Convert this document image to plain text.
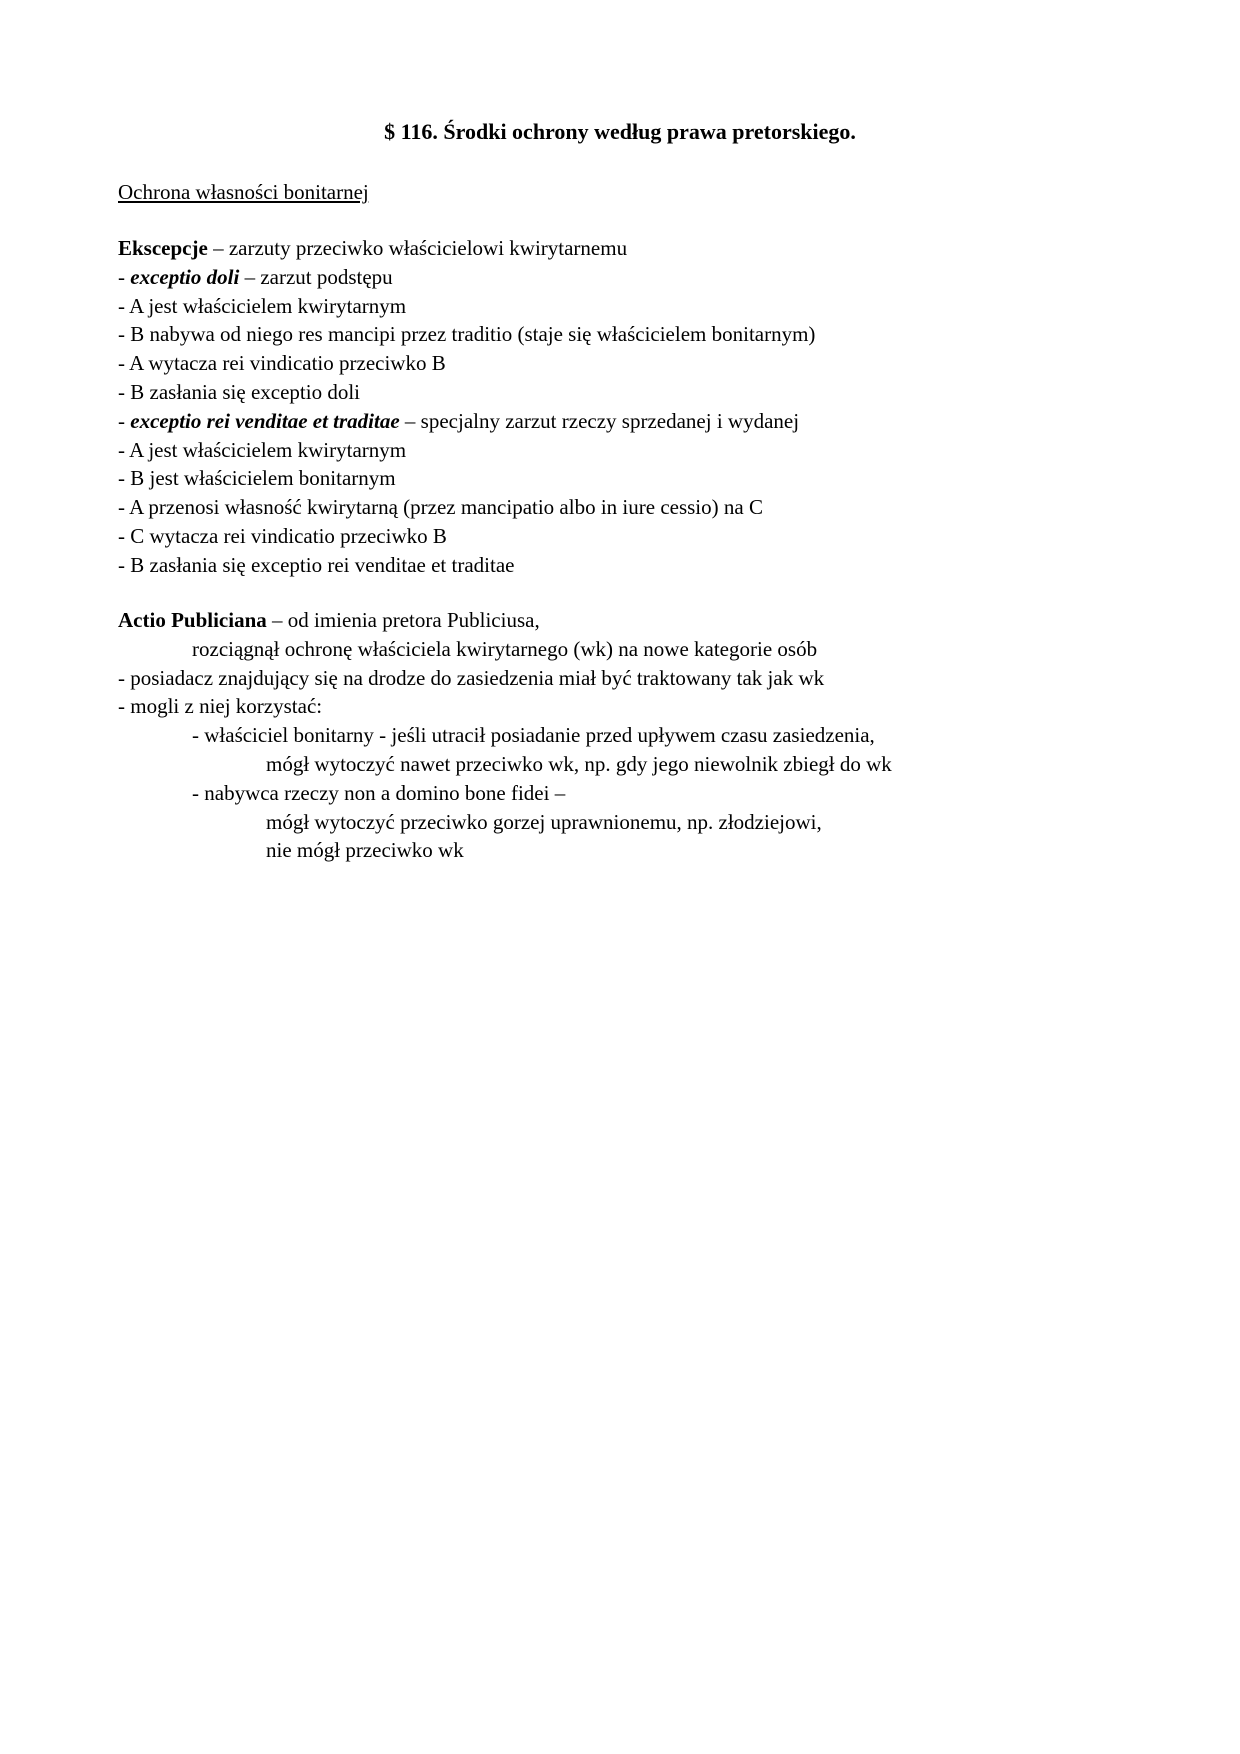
$ 116. Środki ochrony według prawa pretorskiego.
Ochrona własności bonitarnej
Ekscepcje – zarzuty przeciwko właścicielowi kwirytarnemu
- exceptio doli – zarzut podstępu
- A jest właścicielem kwirytarnym
- B nabywa od niego res mancipi przez traditio (staje się właścicielem bonitarnym)
- A wytacza rei vindicatio przeciwko B
- B zasłania się exceptio doli
- exceptio rei venditae et traditae – specjalny zarzut rzeczy sprzedanej i wydanej
- A jest właścicielem kwirytarnym
- B jest właścicielem bonitarnym
- A przenosi własność kwirytarną (przez mancipatio albo in iure cessio) na C
- C wytacza rei vindicatio przeciwko B
- B zasłania się exceptio rei venditae et traditae
Actio Publiciana – od imienia pretora Publiciusa,
rozciągnął ochronę właściciela kwirytarnego (wk) na nowe kategorie osób
- posiadacz znajdujący się na drodze do zasiedzenia miał być traktowany tak jak wk
- mogli z niej korzystać:
- właściciel bonitarny - jeśli utracił posiadanie przed upływem czasu zasiedzenia,
mógł wytoczyć nawet przeciwko wk, np. gdy jego niewolnik zbiegł do wk
- nabywca rzeczy non a domino bone fidei –
mógł wytoczyć przeciwko gorzej uprawnionemu, np. złodziejowi,
nie mógł przeciwko wk
